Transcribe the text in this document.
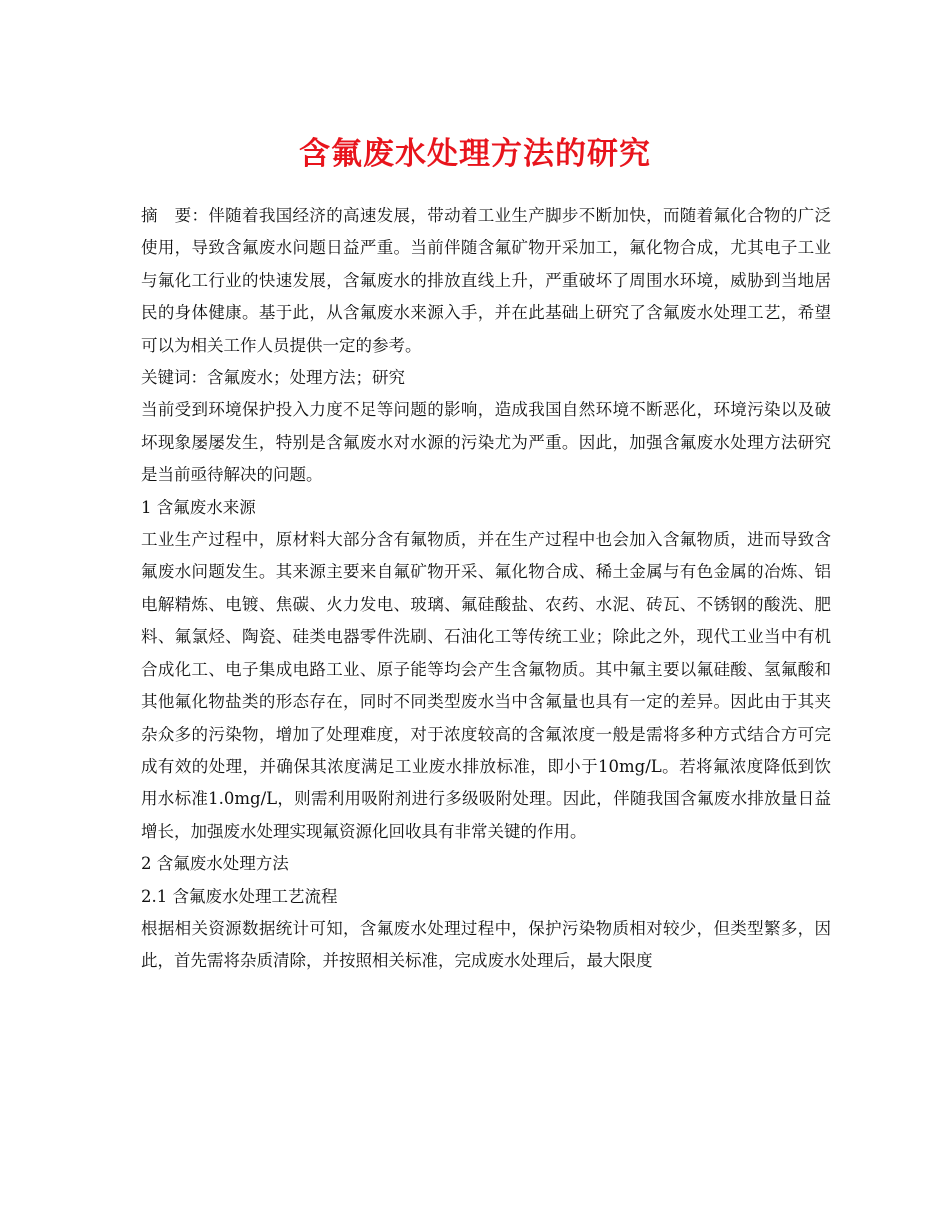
含氟废水处理方法的研究

摘　要：伴随着我国经济的高速发展，带动着工业生产脚步不断加快，而随着氟化合物的广泛使用，导致含氟废水问题日益严重。当前伴随含氟矿物开采加工，氟化物合成，尤其电子工业与氟化工行业的快速发展，含氟废水的排放直线上升，严重破坏了周围水环境，威胁到当地居民的身体健康。基于此，从含氟废水来源入手，并在此基础上研究了含氟废水处理工艺，希望可以为相关工作人员提供一定的参考。

关键词：含氟废水；处理方法；研究

当前受到环境保护投入力度不足等问题的影响，造成我国自然环境不断恶化，环境污染以及破坏现象屡屡发生，特别是含氟废水对水源的污染尤为严重。因此，加强含氟废水处理方法研究是当前亟待解决的问题。

1 含氟废水来源

工业生产过程中，原材料大部分含有氟物质，并在生产过程中也会加入含氟物质，进而导致含氟废水问题发生。其来源主要来自氟矿物开采、氟化物合成、稀土金属与有色金属的冶炼、铝电解精炼、电镀、焦碳、火力发电、玻璃、氟硅酸盐、农药、水泥、砖瓦、不锈钢的酸洗、肥料、氟氯烃、陶瓷、硅类电器零件洗刷、石油化工等传统工业；除此之外，现代工业当中有机合成化工、电子集成电路工业、原子能等均会产生含氟物质。其中氟主要以氟硅酸、氢氟酸和其他氟化物盐类的形态存在，同时不同类型废水当中含氟量也具有一定的差异。因此由于其夹杂众多的污染物，增加了处理难度，对于浓度较高的含氟浓度一般是需将多种方式结合方可完成有效的处理，并确保其浓度满足工业废水排放标准，即小于10mg/L。若将氟浓度降低到饮用水标准1.0mg/L，则需利用吸附剂进行多级吸附处理。因此，伴随我国含氟废水排放量日益增长，加强废水处理实现氟资源化回收具有非常关键的作用。

2 含氟废水处理方法

2.1 含氟废水处理工艺流程

根据相关资源数据统计可知，含氟废水处理过程中，保护污染物质相对较少，但类型繁多，因此，首先需将杂质清除，并按照相关标准，完成废水处理后，最大限度
